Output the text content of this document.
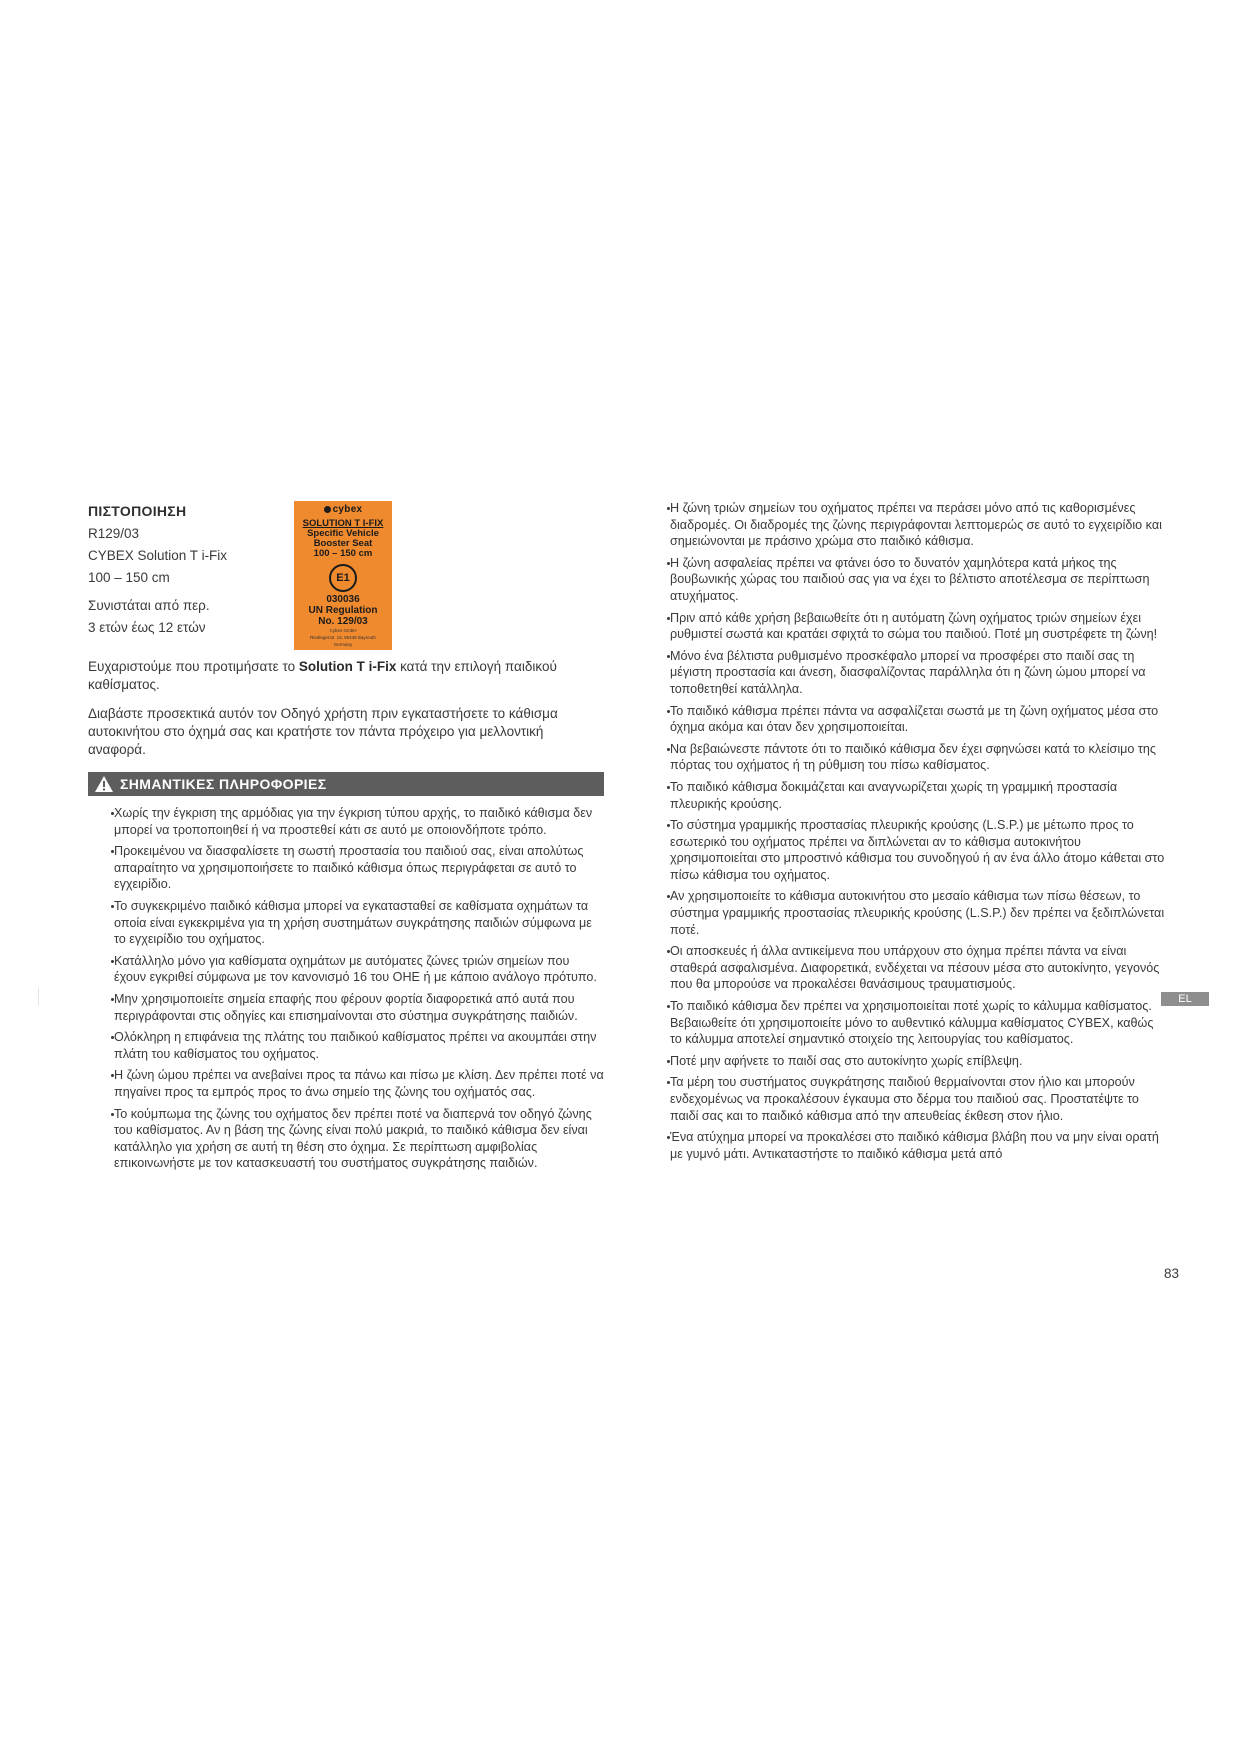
ΠΙΣΤΟΠΟΙΗΣΗ
R129/03
CYBEX Solution T i-Fix
100 – 150 cm
Συνιστάται από περ.
3 ετών έως 12 ετών
cybex
SOLUTION T I-FIX
Specific Vehicle
Booster Seat
100 – 150 cm
E1
030036
UN Regulation
No. 129/03
Cybex GmbH
Riedingerstr. 18, 95448 Bayreuth
Germany

Ευχαριστούμε που προτιμήσατε το Solution T i-Fix κατά την επιλογή παιδικού καθίσματος.

Διαβάστε προσεκτικά αυτόν τον Οδηγό χρήστη πριν εγκαταστήσετε το κάθισμα αυτοκινήτου στο όχημά σας και κρατήστε τον πάντα πρόχειρο για μελλοντική αναφορά.

ΣΗΜΑΝΤΙΚΕΣ ΠΛΗΡΟΦΟΡΙΕΣ
Χωρίς την έγκριση της αρμόδιας για την έγκριση τύπου αρχής, το παιδικό κάθισμα δεν μπορεί να τροποποιηθεί ή να προστεθεί κάτι σε αυτό με οποιονδήποτε τρόπο.
Προκειμένου να διασφαλίσετε τη σωστή προστασία του παιδιού σας, είναι απολύτως απαραίτητο να χρησιμοποιήσετε το παιδικό κάθισμα όπως περιγράφεται σε αυτό το εγχειρίδιο.
Το συγκεκριμένο παιδικό κάθισμα μπορεί να εγκατασταθεί σε καθίσματα οχημάτων τα οποία είναι εγκεκριμένα για τη χρήση συστημάτων συγκράτησης παιδιών σύμφωνα με το εγχειρίδιο του οχήματος.
Κατάλληλο μόνο για καθίσματα οχημάτων με αυτόματες ζώνες τριών σημείων που έχουν εγκριθεί σύμφωνα με τον κανονισμό 16 του ΟΗΕ ή με κάποιο ανάλογο πρότυπο.
Μην χρησιμοποιείτε σημεία επαφής που φέρουν φορτία διαφορετικά από αυτά που περιγράφονται στις οδηγίες και επισημαίνονται στο σύστημα συγκράτησης παιδιών.
Ολόκληρη η επιφάνεια της πλάτης του παιδικού καθίσματος πρέπει να ακουμπάει στην πλάτη του καθίσματος του οχήματος.
Η ζώνη ώμου πρέπει να ανεβαίνει προς τα πάνω και πίσω με κλίση. Δεν πρέπει ποτέ να πηγαίνει προς τα εμπρός προς το άνω σημείο της ζώνης του οχήματός σας.
Το κούμπωμα της ζώνης του οχήματος δεν πρέπει ποτέ να διαπερνά τον οδηγό ζώνης του καθίσματος. Αν η βάση της ζώνης είναι πολύ μακριά, το παιδικό κάθισμα δεν είναι κατάλληλο για χρήση σε αυτή τη θέση στο όχημα. Σε περίπτωση αμφιβολίας επικοινωνήστε με τον κατασκευαστή του συστήματος συγκράτησης παιδιών.
Η ζώνη τριών σημείων του οχήματος πρέπει να περάσει μόνο από τις καθορισμένες διαδρομές. Οι διαδρομές της ζώνης περιγράφονται λεπτομερώς σε αυτό το εγχειρίδιο και σημειώνονται με πράσινο χρώμα στο παιδικό κάθισμα.
Η ζώνη ασφαλείας πρέπει να φτάνει όσο το δυνατόν χαμηλότερα κατά μήκος της βουβωνικής χώρας του παιδιού σας για να έχει το βέλτιστο αποτέλεσμα σε περίπτωση ατυχήματος.
Πριν από κάθε χρήση βεβαιωθείτε ότι η αυτόματη ζώνη οχήματος τριών σημείων έχει ρυθμιστεί σωστά και κρατάει σφιχτά το σώμα του παιδιού. Ποτέ μη συστρέφετε τη ζώνη!
Μόνο ένα βέλτιστα ρυθμισμένο προσκέφαλο μπορεί να προσφέρει στο παιδί σας τη μέγιστη προστασία και άνεση, διασφαλίζοντας παράλληλα ότι η ζώνη ώμου μπορεί να τοποθετηθεί κατάλληλα.
Το παιδικό κάθισμα πρέπει πάντα να ασφαλίζεται σωστά με τη ζώνη οχήματος μέσα στο όχημα ακόμα και όταν δεν χρησιμοποιείται.
Να βεβαιώνεστε πάντοτε ότι το παιδικό κάθισμα δεν έχει σφηνώσει κατά το κλείσιμο της πόρτας του οχήματος ή τη ρύθμιση του πίσω καθίσματος.
Το παιδικό κάθισμα δοκιμάζεται και αναγνωρίζεται χωρίς τη γραμμική προστασία πλευρικής κρούσης.
Το σύστημα γραμμικής προστασίας πλευρικής κρούσης (L.S.P.) με μέτωπο προς το εσωτερικό του οχήματος πρέπει να διπλώνεται αν το κάθισμα αυτοκινήτου χρησιμοποιείται στο μπροστινό κάθισμα του συνοδηγού ή αν ένα άλλο άτομο κάθεται στο πίσω κάθισμα του οχήματος.
Αν χρησιμοποιείτε το κάθισμα αυτοκινήτου στο μεσαίο κάθισμα των πίσω θέσεων, το σύστημα γραμμικής προστασίας πλευρικής κρούσης (L.S.P.) δεν πρέπει να ξεδιπλώνεται ποτέ.
Οι αποσκευές ή άλλα αντικείμενα που υπάρχουν στο όχημα πρέπει πάντα να είναι σταθερά ασφαλισμένα. Διαφορετικά, ενδέχεται να πέσουν μέσα στο αυτοκίνητο, γεγονός που θα μπορούσε να προκαλέσει θανάσιμους τραυματισμούς.
Το παιδικό κάθισμα δεν πρέπει να χρησιμοποιείται ποτέ χωρίς το κάλυμμα καθίσματος. Βεβαιωθείτε ότι χρησιμοποιείτε μόνο το αυθεντικό κάλυμμα καθίσματος CYBEX, καθώς το κάλυμμα αποτελεί σημαντικό στοιχείο της λειτουργίας του καθίσματος.
Ποτέ μην αφήνετε το παιδί σας στο αυτοκίνητο χωρίς επίβλεψη.
Τα μέρη του συστήματος συγκράτησης παιδιού θερμαίνονται στον ήλιο και μπορούν ενδεχομένως να προκαλέσουν έγκαυμα στο δέρμα του παιδιού σας. Προστατέψτε το παιδί σας και το παιδικό κάθισμα από την απευθείας έκθεση στον ήλιο.
Ένα ατύχημα μπορεί να προκαλέσει στο παιδικό κάθισμα βλάβη που να μην είναι ορατή με γυμνό μάτι. Αντικαταστήστε το παιδικό κάθισμα μετά από
EL
83
